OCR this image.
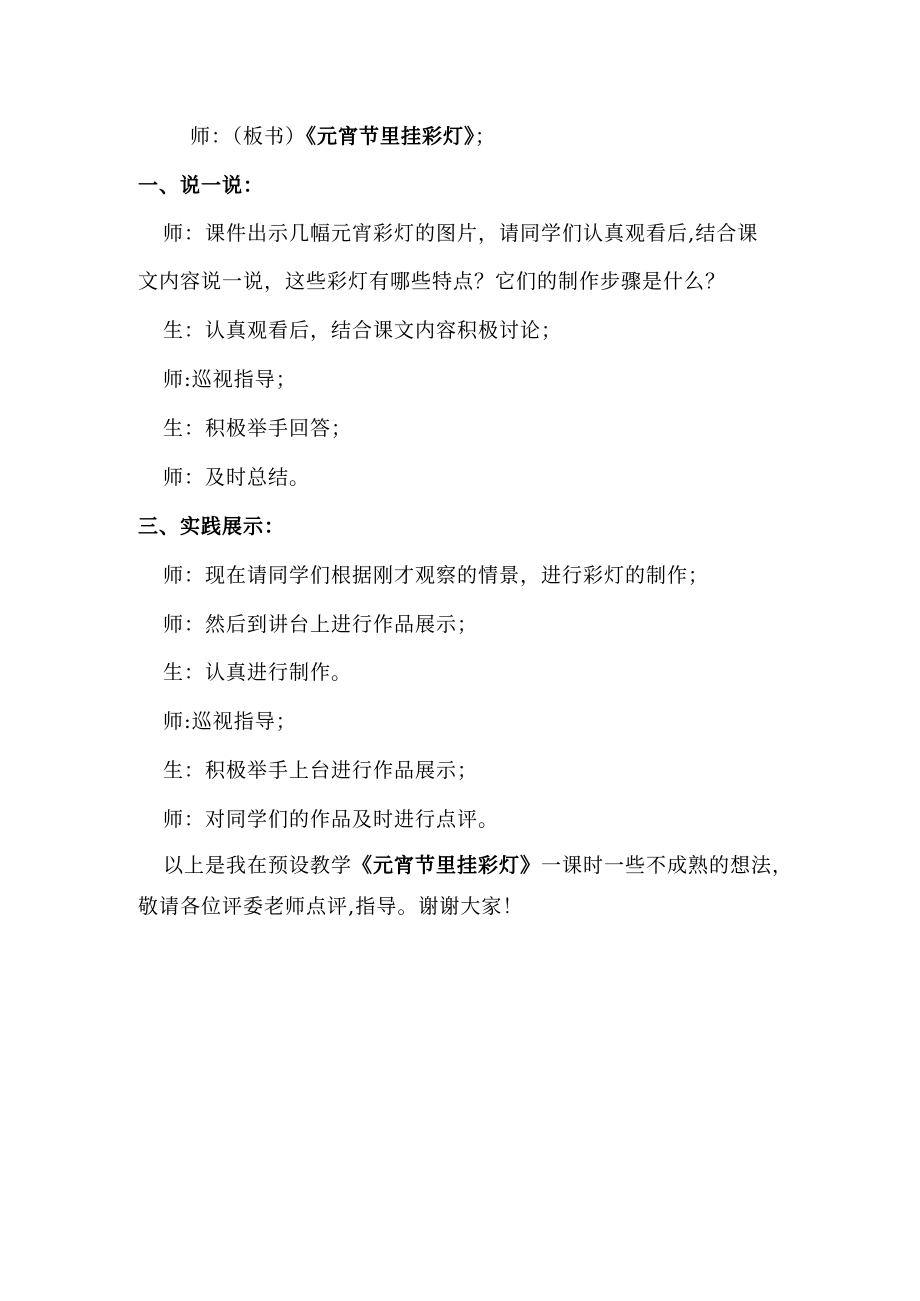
师：（板书）《元宵节里挂彩灯》；
一、说一说：
师：课件出示几幅元宵彩灯的图片，请同学们认真观看后,结合课
文内容说一说，这些彩灯有哪些特点？它们的制作步骤是什么？
生：认真观看后，结合课文内容积极讨论；
师:巡视指导；
生：积极举手回答；
师：及时总结。
三、实践展示：
师：现在请同学们根据刚才观察的情景，进行彩灯的制作；
师：然后到讲台上进行作品展示；
生：认真进行制作。
师:巡视指导；
生：积极举手上台进行作品展示；
师：对同学们的作品及时进行点评。
以上是我在预设教学《元宵节里挂彩灯》一课时一些不成熟的想法，
敬请各位评委老师点评,指导。谢谢大家！
